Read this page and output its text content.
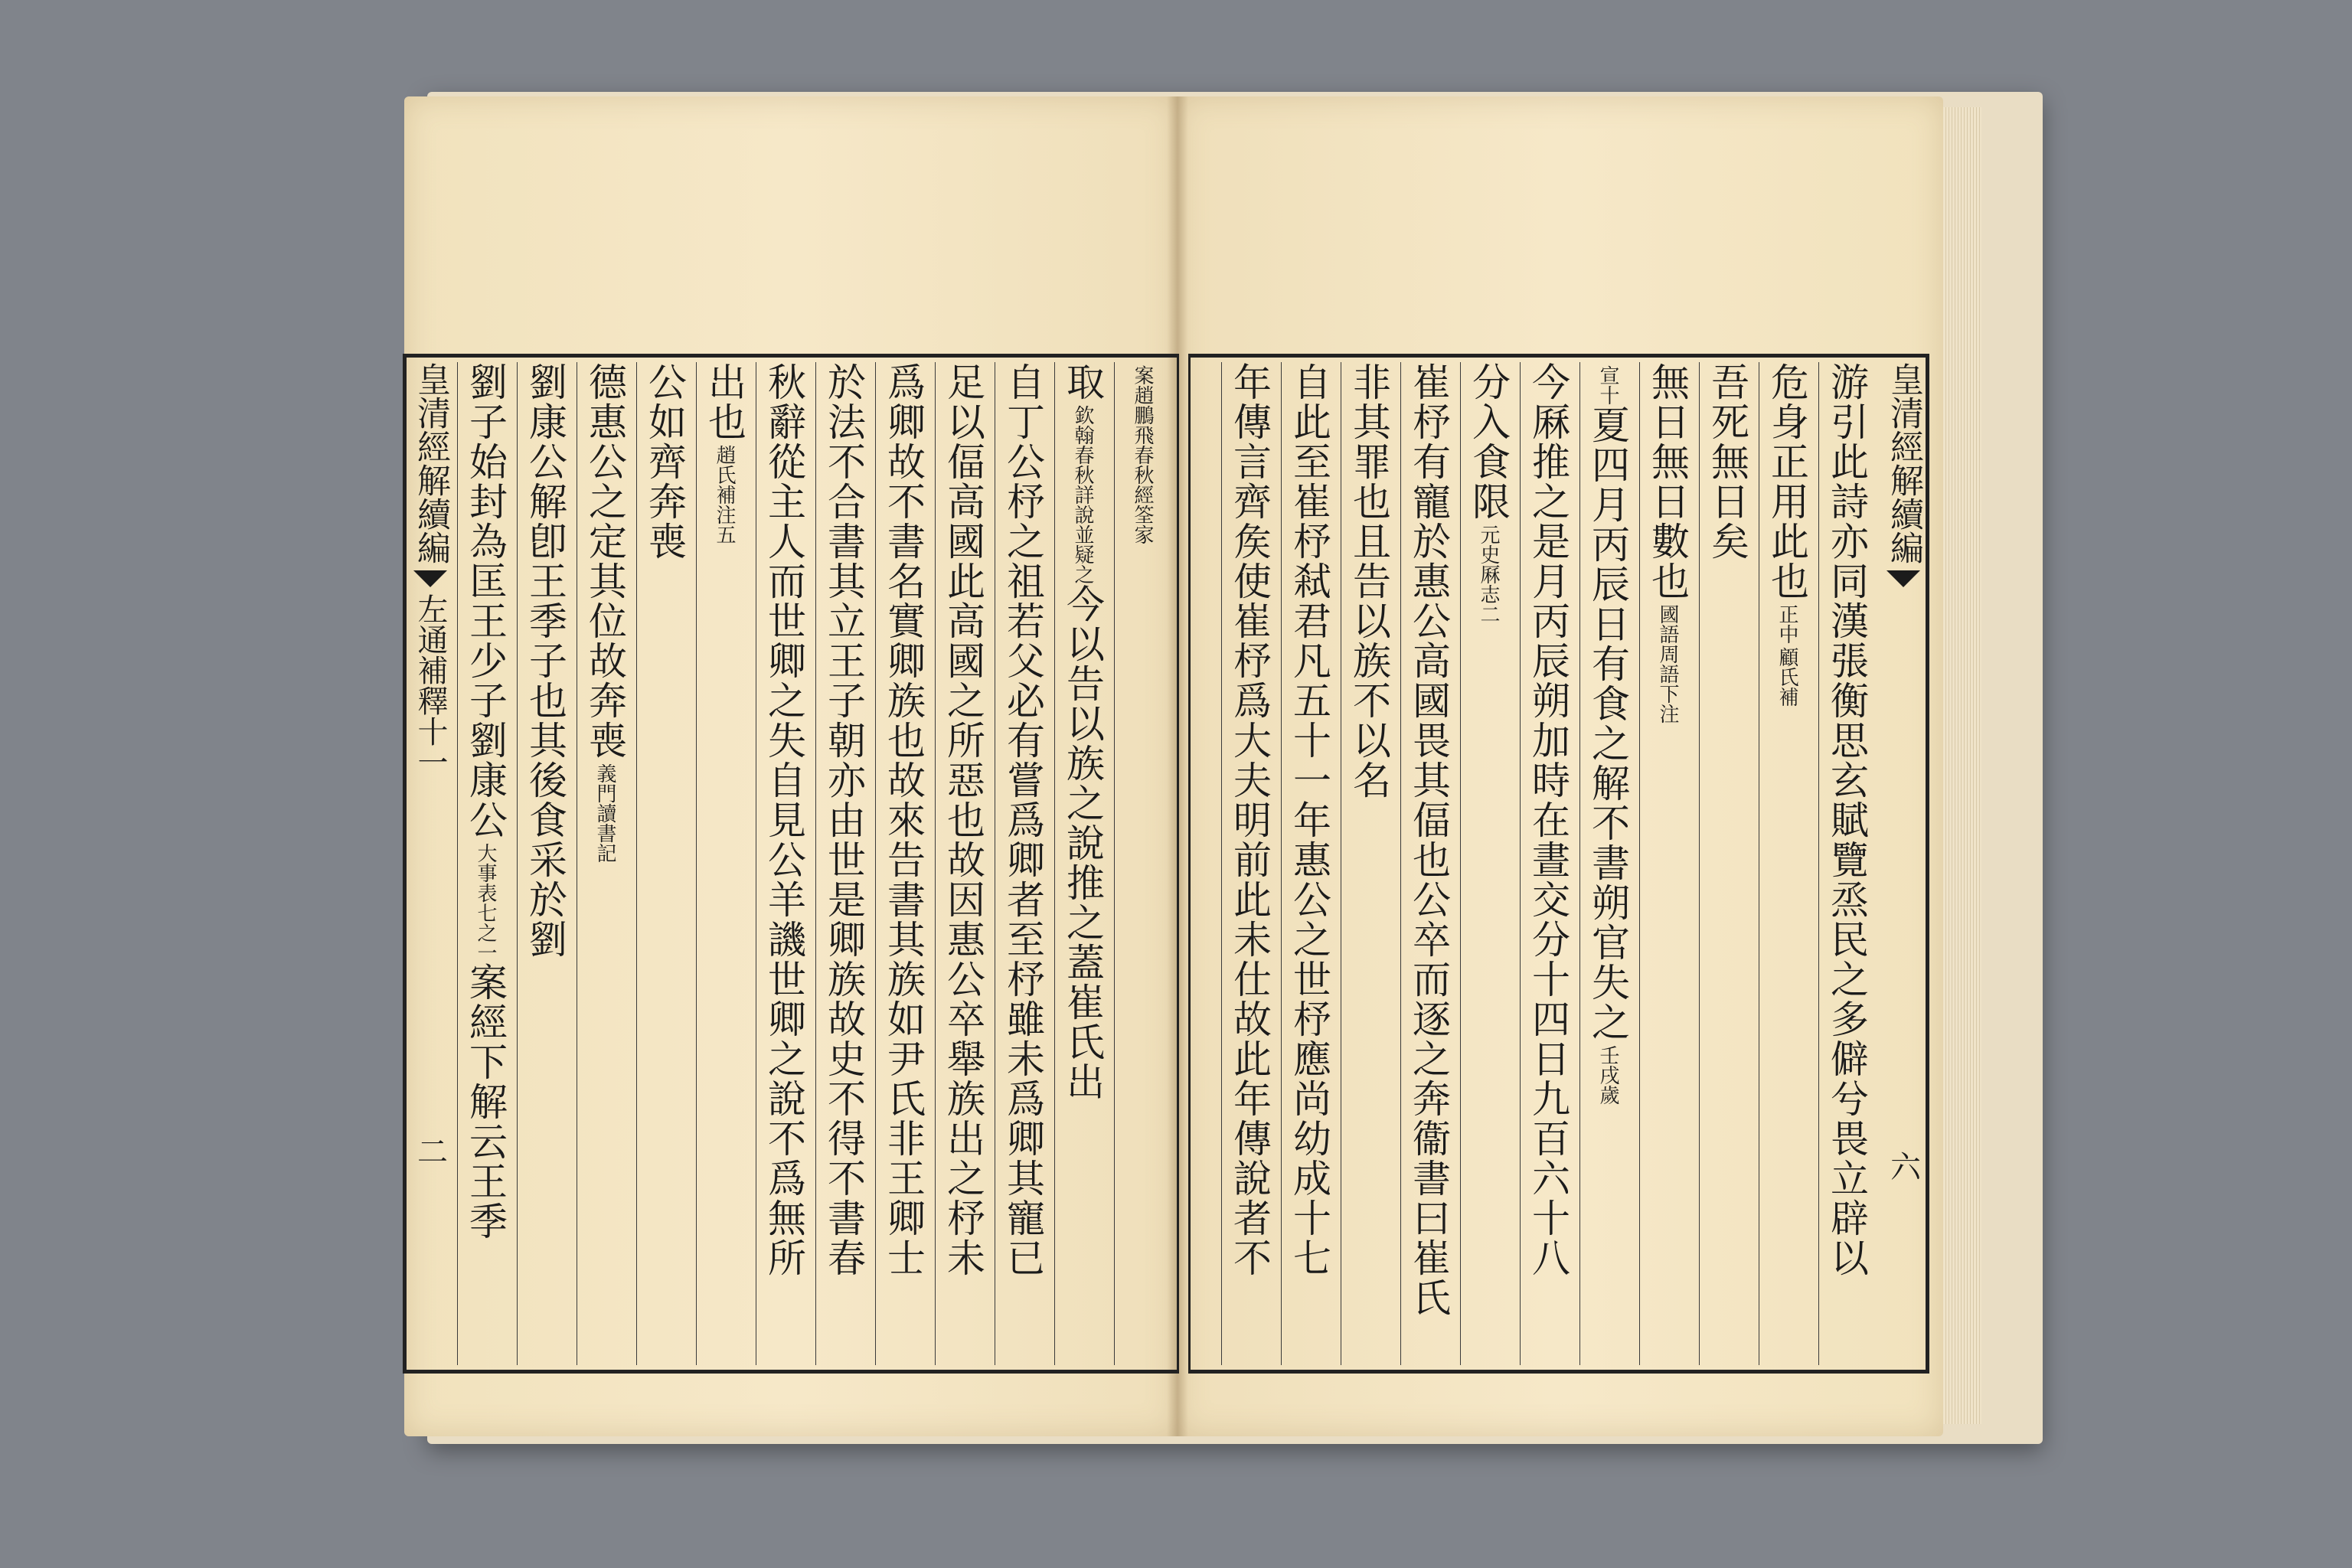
皇清經解續編
左通補釋十一
二
劉子始封為匡王少子劉康公
大事表七之一
案經下解云王季
劉康公解卽王季子也其後食采於劉 德惠公之定其位故奔喪
義門讀書記
公如齊奔喪 出也
趙氏補注五 秋辭從主人而世卿之失自見公羊譏世卿之說不爲無所 於法不合書其立王子朝亦由世是卿族故史不得不書春 爲卿故不書名實卿族也故來告書其族如尹氏非王卿士 足以偪高國此高國之所惡也故因惠公卒舉族出之杼未 自丁公杼之祖若父必有嘗爲卿者至杼雖未爲卿其寵已 取
欽翰春秋詳說並疑之
今以告以族之說推之蓋崔氏出
案趙鵬飛春秋經筌家	游引此詩亦同漢張衡思玄賦覽烝民之多僻兮畏立辟以
危身正用此也
正中
顧氏補
吾死無日矣
無日無日數也
國語周語下注
宣十
夏四月丙辰日有食之解不書朔官失之
壬戌歲
今厤推之是月丙辰朔加時在晝交分十四日九百六十八
分入食限
元史厤志二
崔杼有寵於惠公高國畏其偪也公卒而逐之奔衞書曰崔氏
非其罪也且告以族不以名
自此至崔杼弒君凡五十一年惠公之世杼應尚幼成十七
年傳言齊矦使崔杼爲大夫明前此未仕故此年傳說者不	皇清經解續編
六
